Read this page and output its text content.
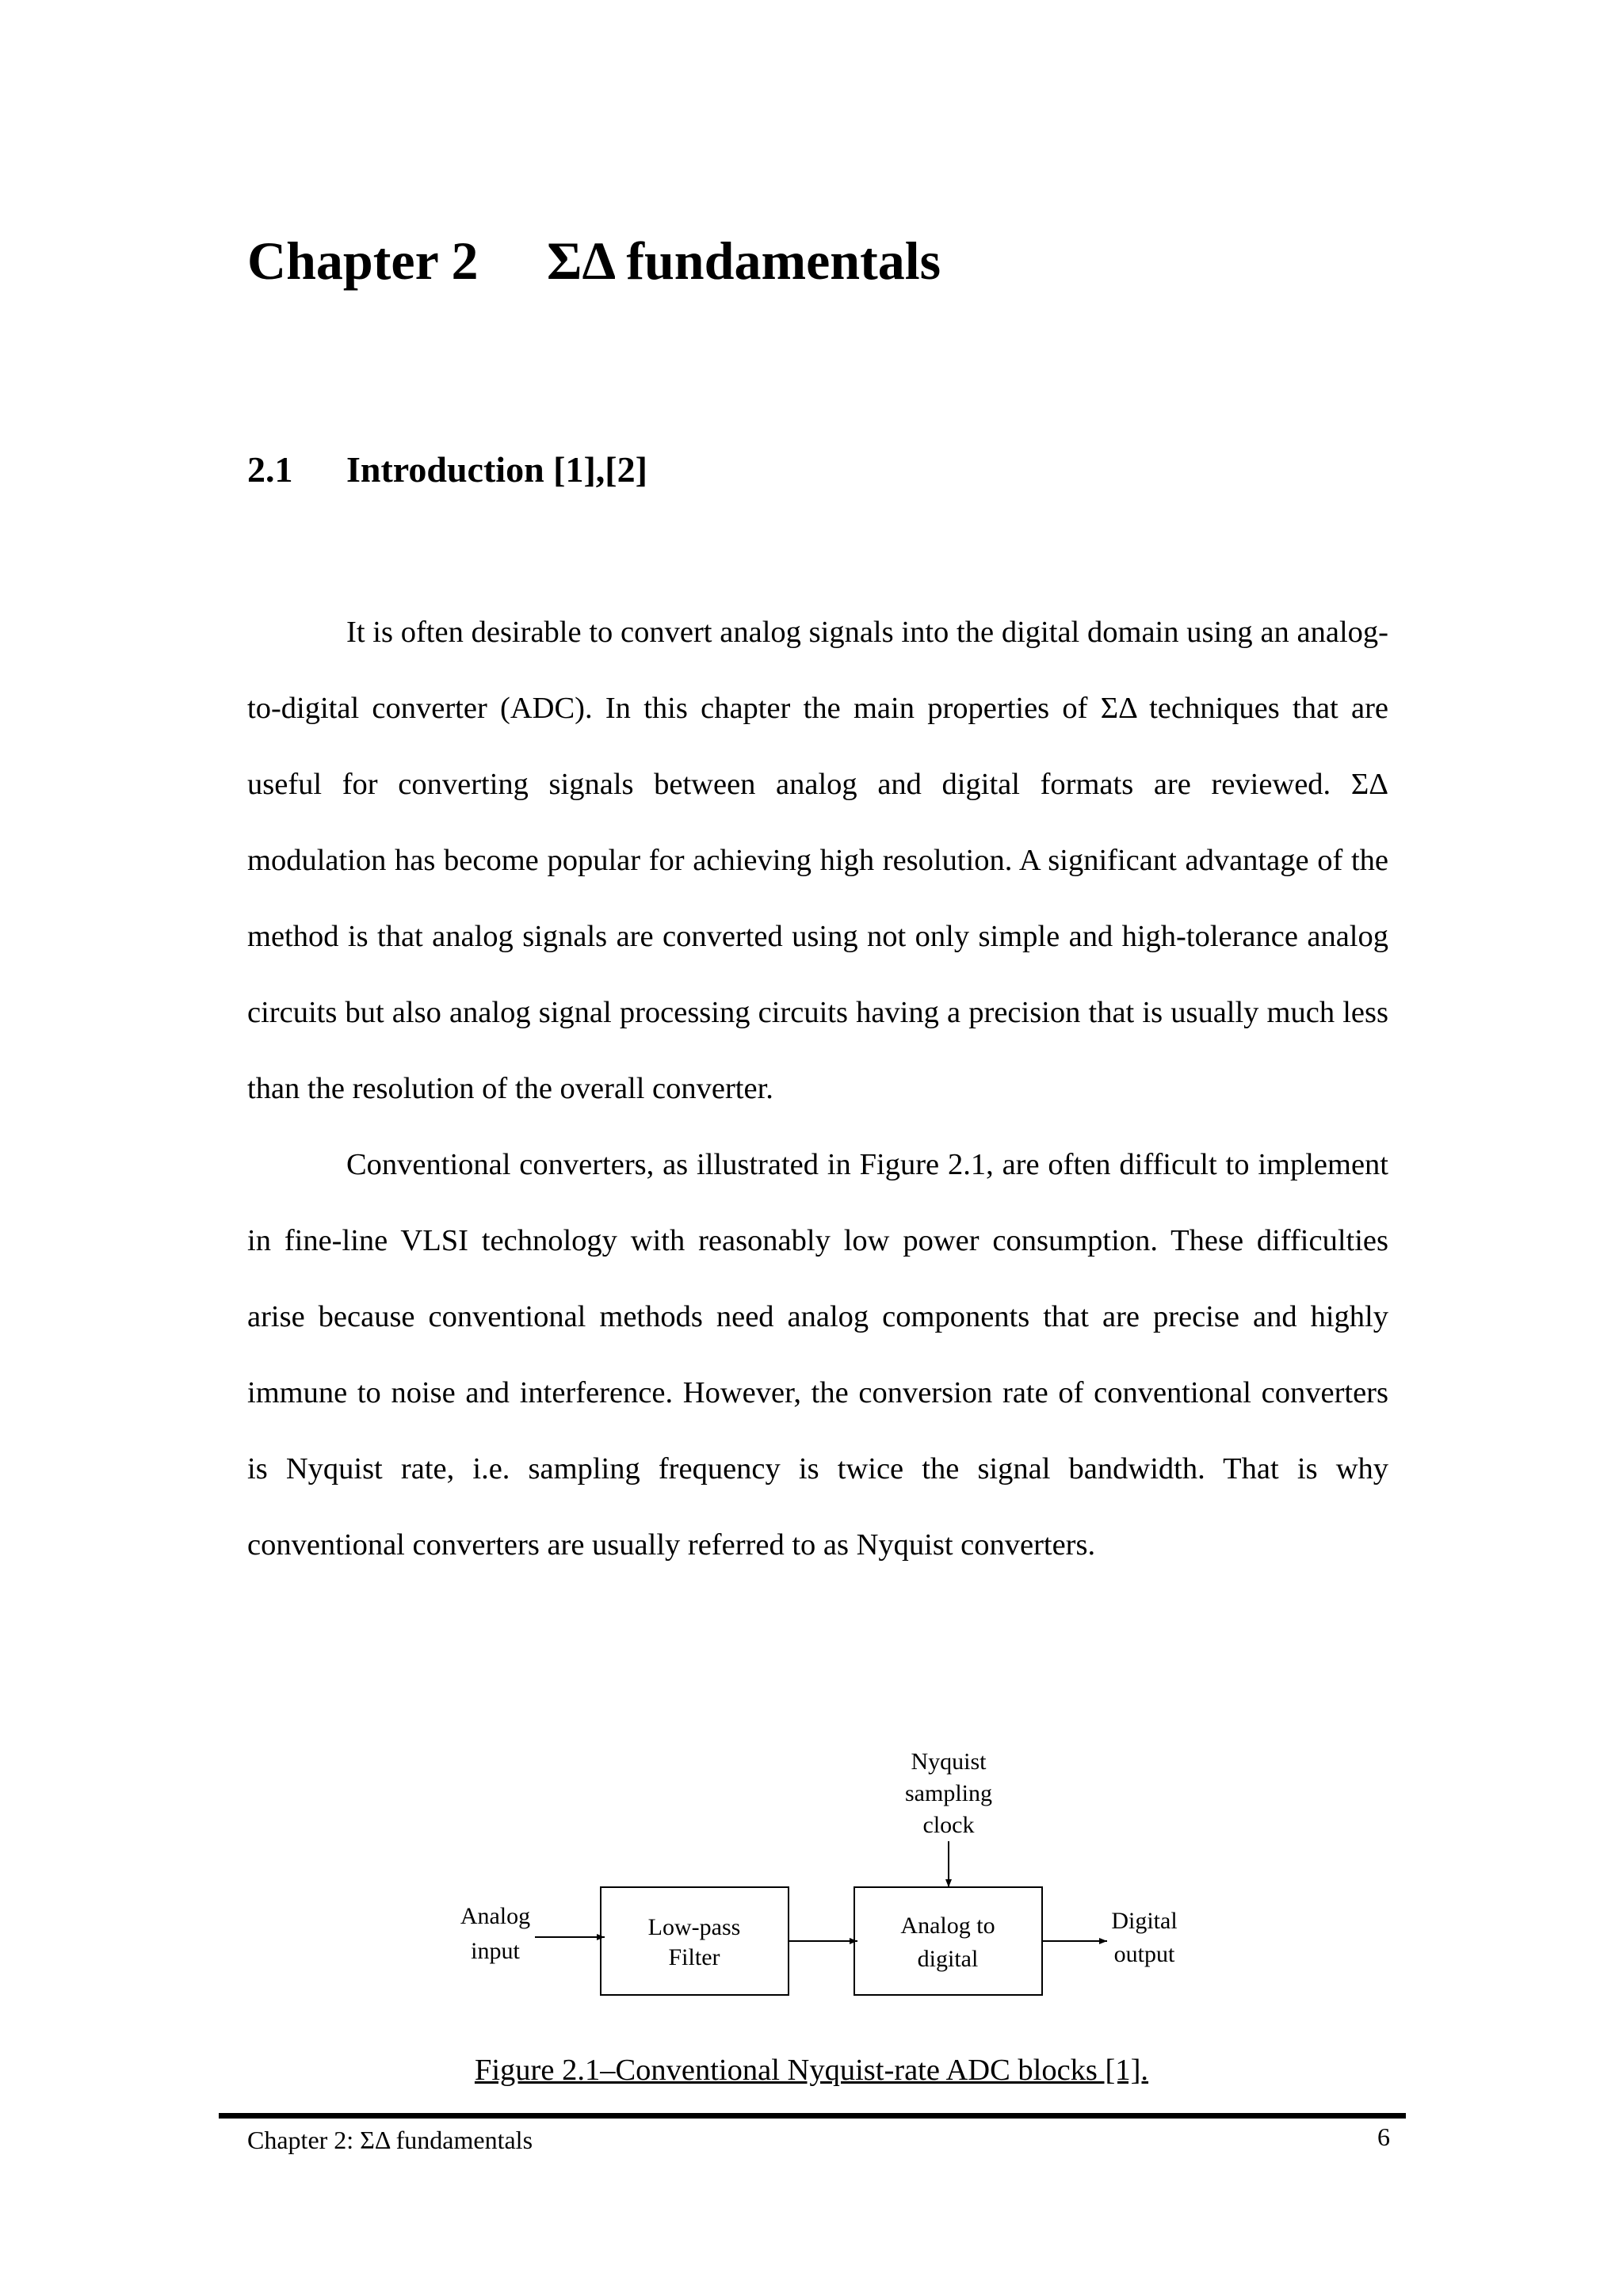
Chapter 2 ΣΔ fundamentals
2.1 Introduction [1],[2]

It is often desirable to convert analog signals into the digital domain using an analog-to-digital converter (ADC). In this chapter the main properties of ΣΔ techniques that are useful for converting signals between analog and digital formats are reviewed. ΣΔ modulation has become popular for achieving high resolution. A significant advantage of the method is that analog signals are converted using not only simple and high-tolerance analog circuits but also analog signal processing circuits having a precision that is usually much less than the resolution of the overall converter.

Conventional converters, as illustrated in Figure 2.1, are often difficult to implement in fine-line VLSI technology with reasonably low power consumption. These difficulties arise because conventional methods need analog components that are precise and highly immune to noise and interference. However, the conversion rate of conventional converters is Nyquist rate, i.e. sampling frequency is twice the signal bandwidth. That is why conventional converters are usually referred to as Nyquist converters.

Nyquist
sampling
clock
Analog
input
Low-pass
Filter
Analog to
digital
Digital
output
Figure 2.1–Conventional Nyquist-rate ADC blocks [1].
Chapter 2: ΣΔ fundamentals	6
